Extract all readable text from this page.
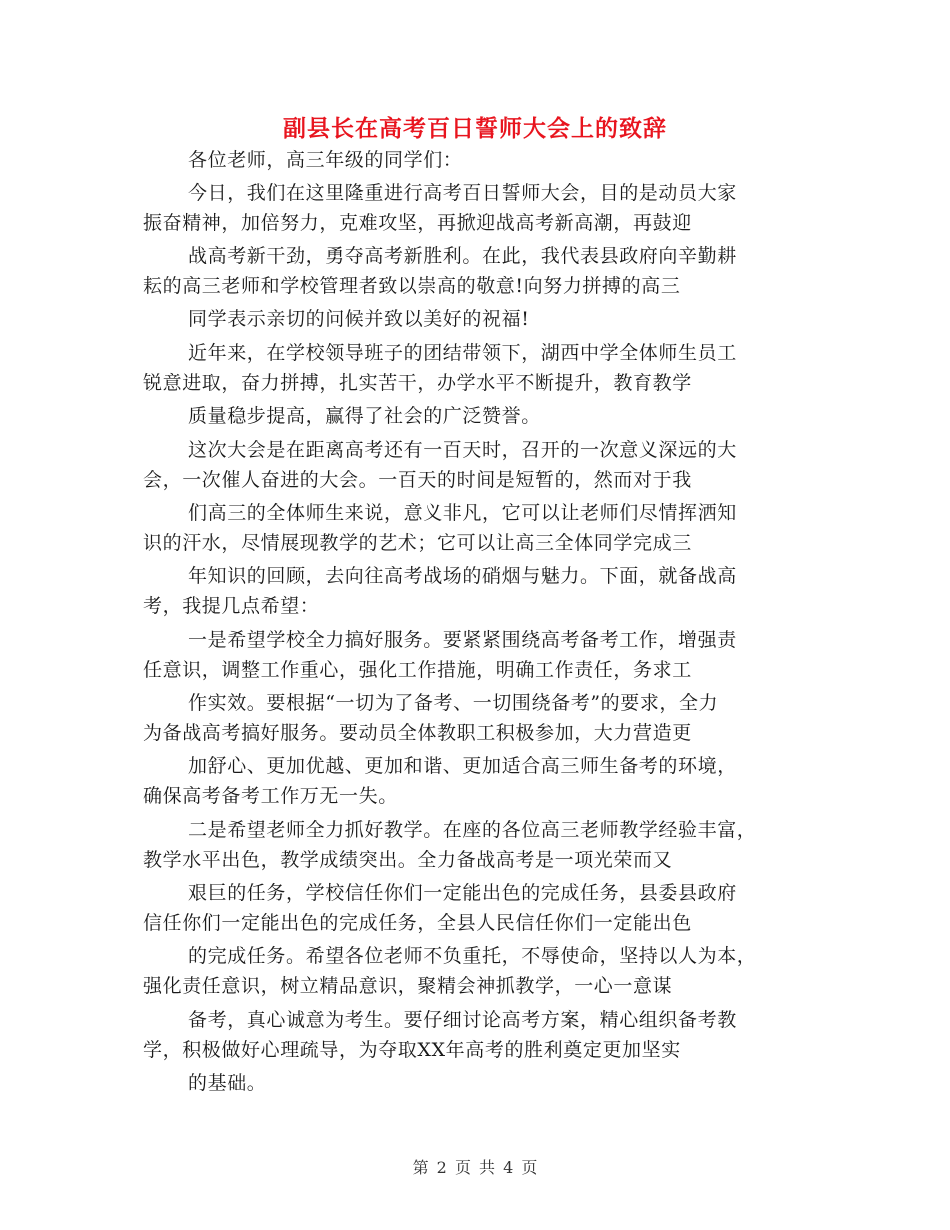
副县长在高考百日誓师大会上的致辞
各位老师，高三年级的同学们：
今日，我们在这里隆重进行高考百日誓师大会，目的是动员大家
振奋精神，加倍努力，克难攻坚，再掀迎战高考新高潮，再鼓迎
战高考新干劲，勇夺高考新胜利。在此，我代表县政府向辛勤耕
耘的高三老师和学校管理者致以崇高的敬意!向努力拼搏的高三
同学表示亲切的问候并致以美好的祝福!
近年来，在学校领导班子的团结带领下，湖西中学全体师生员工
锐意进取，奋力拼搏，扎实苦干，办学水平不断提升，教育教学
质量稳步提高，赢得了社会的广泛赞誉。
这次大会是在距离高考还有一百天时，召开的一次意义深远的大
会，一次催人奋进的大会。一百天的时间是短暂的，然而对于我
们高三的全体师生来说，意义非凡，它可以让老师们尽情挥洒知
识的汗水，尽情展现教学的艺术；它可以让高三全体同学完成三
年知识的回顾，去向往高考战场的硝烟与魅力。下面，就备战高
考，我提几点希望：
一是希望学校全力搞好服务。要紧紧围绕高考备考工作，增强责
任意识，调整工作重心，强化工作措施，明确工作责任，务求工
作实效。要根据“一切为了备考、一切围绕备考”的要求，全力
为备战高考搞好服务。要动员全体教职工积极参加，大力营造更
加舒心、更加优越、更加和谐、更加适合高三师生备考的环境，
确保高考备考工作万无一失。
二是希望老师全力抓好教学。在座的各位高三老师教学经验丰富，
教学水平出色，教学成绩突出。全力备战高考是一项光荣而又
艰巨的任务，学校信任你们一定能出色的完成任务，县委县政府
信任你们一定能出色的完成任务，全县人民信任你们一定能出色
的完成任务。希望各位老师不负重托，不辱使命，坚持以人为本，
强化责任意识，树立精品意识，聚精会神抓教学，一心一意谋
备考，真心诚意为考生。要仔细讨论高考方案，精心组织备考教
学，积极做好心理疏导，为夺取XX年高考的胜利奠定更加坚实
的基础。
第 2 页 共 4 页
